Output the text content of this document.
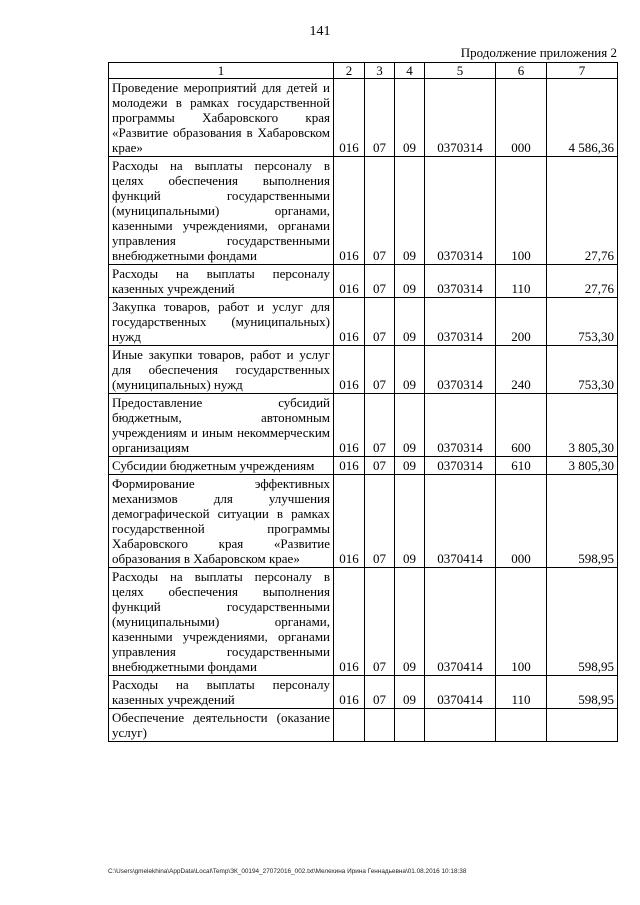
141
Продолжение приложения 2
1	2	3	4	5	6	7
Проведение мероприятий для детей и молодежи в рамках государственной программы Хабаровского края «Развитие образования в Хабаровском крае»	016	07	09	0370314	000	4 586,36
Расходы на выплаты персоналу в целях обеспечения выполнения функций государственными (муниципальными) органами, казенными учреждениями, органами управления государственными внебюджетными фондами	016	07	09	0370314	100	27,76
Расходы на выплаты персоналу казенных учреждений	016	07	09	0370314	110	27,76
Закупка товаров, работ и услуг для государственных (муниципальных) нужд	016	07	09	0370314	200	753,30
Иные закупки товаров, работ и услуг для обеспечения государственных (муниципальных) нужд	016	07	09	0370314	240	753,30
Предоставление субсидий бюджетным, автономным учреждениям и иным некоммерческим организациям	016	07	09	0370314	600	3 805,30
Субсидии бюджетным учреждениям	016	07	09	0370314	610	3 805,30
Формирование эффективных механизмов для улучшения демографической ситуации в рамках государственной программы Хабаровского края «Развитие образования в Хабаровском крае»	016	07	09	0370414	000	598,95
Расходы на выплаты персоналу в целях обеспечения выполнения функций государственными (муниципальными) органами, казенными учреждениями, органами управления государственными внебюджетными фондами	016	07	09	0370414	100	598,95
Расходы на выплаты персоналу казенных учреждений	016	07	09	0370414	110	598,95
Обеспечение деятельности (оказание услуг)						
C:\Users\gmelekhina\AppData\Local\Temp\ЗК_00194_27072016_002.txt\Мелехина Ирина Геннадьевна\01.08.2016 10:18:38
